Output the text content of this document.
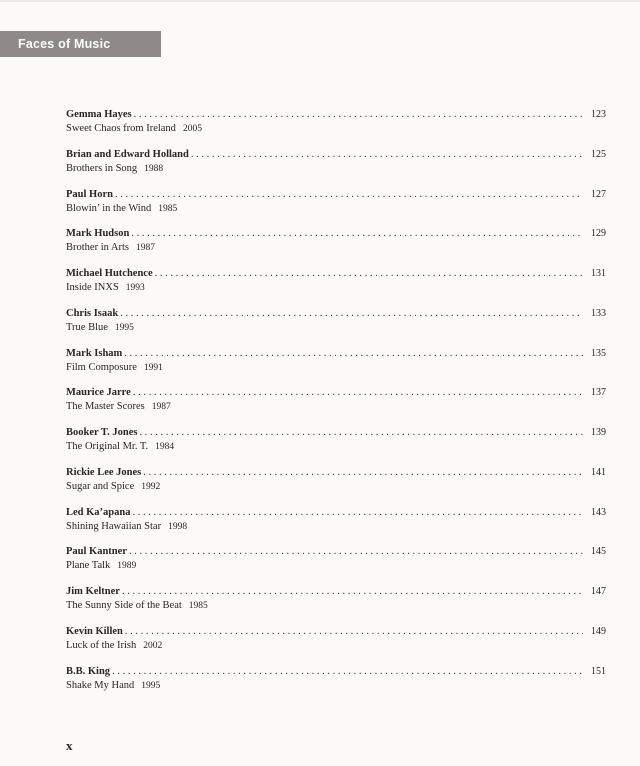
Faces of Music
Gemma Hayes . . .	123
Sweet Chaos from Ireland 2005
Brian and Edward Holland . . .	125
Brothers in Song 1988
Paul Horn . . .	127
Blowin’ in the Wind 1985
Mark Hudson . . .	129
Brother in Arts 1987
Michael Hutchence . . .	131
Inside INXS 1993
Chris Isaak . . .	133
True Blue 1995
Mark Isham . . .	135
Film Composure 1991
Maurice Jarre . . .	137
The Master Scores 1987
Booker T. Jones . . .	139
The Original Mr. T. 1984
Rickie Lee Jones . . .	141
Sugar and Spice 1992
Led Ka’apana . . .	143
Shining Hawaiian Star 1998
Paul Kantner . . .	145
Plane Talk 1989
Jim Keltner . . .	147
The Sunny Side of the Beat 1985
Kevin Killen . . .	149
Luck of the Irish 2002
B.B. King . . .	151
Shake My Hand 1995
x
